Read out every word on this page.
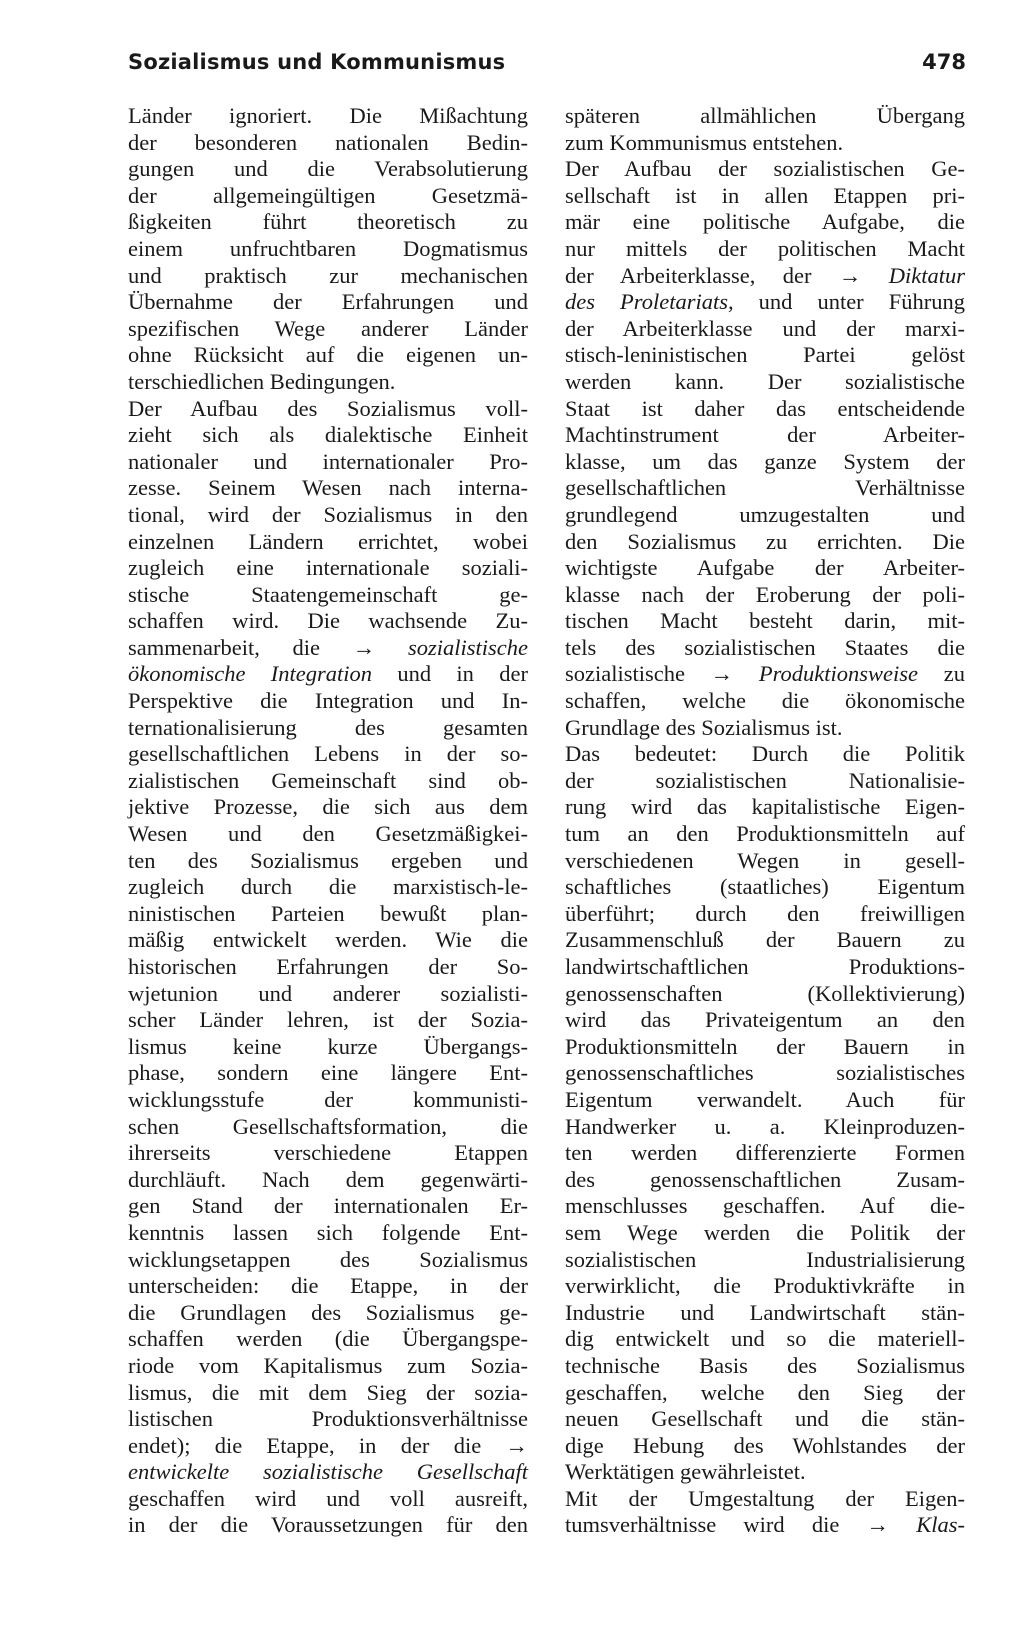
Sozialismus und Kommunismus	478
Länder ignoriert. Die Mißachtung
der besonderen nationalen Bedin-
gungen und die Verabsolutierung
der allgemeingültigen Gesetzmä-
ßigkeiten führt theoretisch zu
einem unfruchtbaren Dogmatismus
und praktisch zur mechanischen
Übernahme der Erfahrungen und
spezifischen Wege anderer Länder
ohne Rücksicht auf die eigenen un-
terschiedlichen Bedingungen.
Der Aufbau des Sozialismus voll-
zieht sich als dialektische Einheit
nationaler und internationaler Pro-
zesse. Seinem Wesen nach interna-
tional, wird der Sozialismus in den
einzelnen Ländern errichtet, wobei
zugleich eine internationale soziali-
stische Staatengemeinschaft ge-
schaffen wird. Die wachsende Zu-
sammenarbeit, die → sozialistische
ökonomische Integration und in der
Perspektive die Integration und In-
ternationalisierung des gesamten
gesellschaftlichen Lebens in der so-
zialistischen Gemeinschaft sind ob-
jektive Prozesse, die sich aus dem
Wesen und den Gesetzmäßigkei-
ten des Sozialismus ergeben und
zugleich durch die marxistisch-le-
ninistischen Parteien bewußt plan-
mäßig entwickelt werden. Wie die
historischen Erfahrungen der So-
wjetunion und anderer sozialisti-
scher Länder lehren, ist der Sozia-
lismus keine kurze Übergangs-
phase, sondern eine längere Ent-
wicklungsstufe der kommunisti-
schen Gesellschaftsformation, die
ihrerseits verschiedene Etappen
durchläuft. Nach dem gegenwärti-
gen Stand der internationalen Er-
kenntnis lassen sich folgende Ent-
wicklungsetappen des Sozialismus
unterscheiden: die Etappe, in der
die Grundlagen des Sozialismus ge-
schaffen werden (die Übergangspe-
riode vom Kapitalismus zum Sozia-
lismus, die mit dem Sieg der sozia-
listischen Produktionsverhältnisse
endet); die Etappe, in der die →
entwickelte sozialistische Gesellschaft
geschaffen wird und voll ausreift,
in der die Voraussetzungen für den
späteren allmählichen Übergang
zum Kommunismus entstehen.
Der Aufbau der sozialistischen Ge-
sellschaft ist in allen Etappen pri-
mär eine politische Aufgabe, die
nur mittels der politischen Macht
der Arbeiterklasse, der → Diktatur
des Proletariats, und unter Führung
der Arbeiterklasse und der marxi-
stisch-leninistischen Partei gelöst
werden kann. Der sozialistische
Staat ist daher das entscheidende
Machtinstrument der Arbeiter-
klasse, um das ganze System der
gesellschaftlichen Verhältnisse
grundlegend umzugestalten und
den Sozialismus zu errichten. Die
wichtigste Aufgabe der Arbeiter-
klasse nach der Eroberung der poli-
tischen Macht besteht darin, mit-
tels des sozialistischen Staates die
sozialistische → Produktionsweise zu
schaffen, welche die ökonomische
Grundlage des Sozialismus ist.
Das bedeutet: Durch die Politik
der sozialistischen Nationalisie-
rung wird das kapitalistische Eigen-
tum an den Produktionsmitteln auf
verschiedenen Wegen in gesell-
schaftliches (staatliches) Eigentum
überführt; durch den freiwilligen
Zusammenschluß der Bauern zu
landwirtschaftlichen Produktions-
genossenschaften (Kollektivierung)
wird das Privateigentum an den
Produktionsmitteln der Bauern in
genossenschaftliches sozialistisches
Eigentum verwandelt. Auch für
Handwerker u. a. Kleinproduzen-
ten werden differenzierte Formen
des genossenschaftlichen Zusam-
menschlusses geschaffen. Auf die-
sem Wege werden die Politik der
sozialistischen Industrialisierung
verwirklicht, die Produktivkräfte in
Industrie und Landwirtschaft stän-
dig entwickelt und so die materiell-
technische Basis des Sozialismus
geschaffen, welche den Sieg der
neuen Gesellschaft und die stän-
dige Hebung des Wohlstandes der
Werktätigen gewährleistet.
Mit der Umgestaltung der Eigen-
tumsverhältnisse wird die → Klas-
